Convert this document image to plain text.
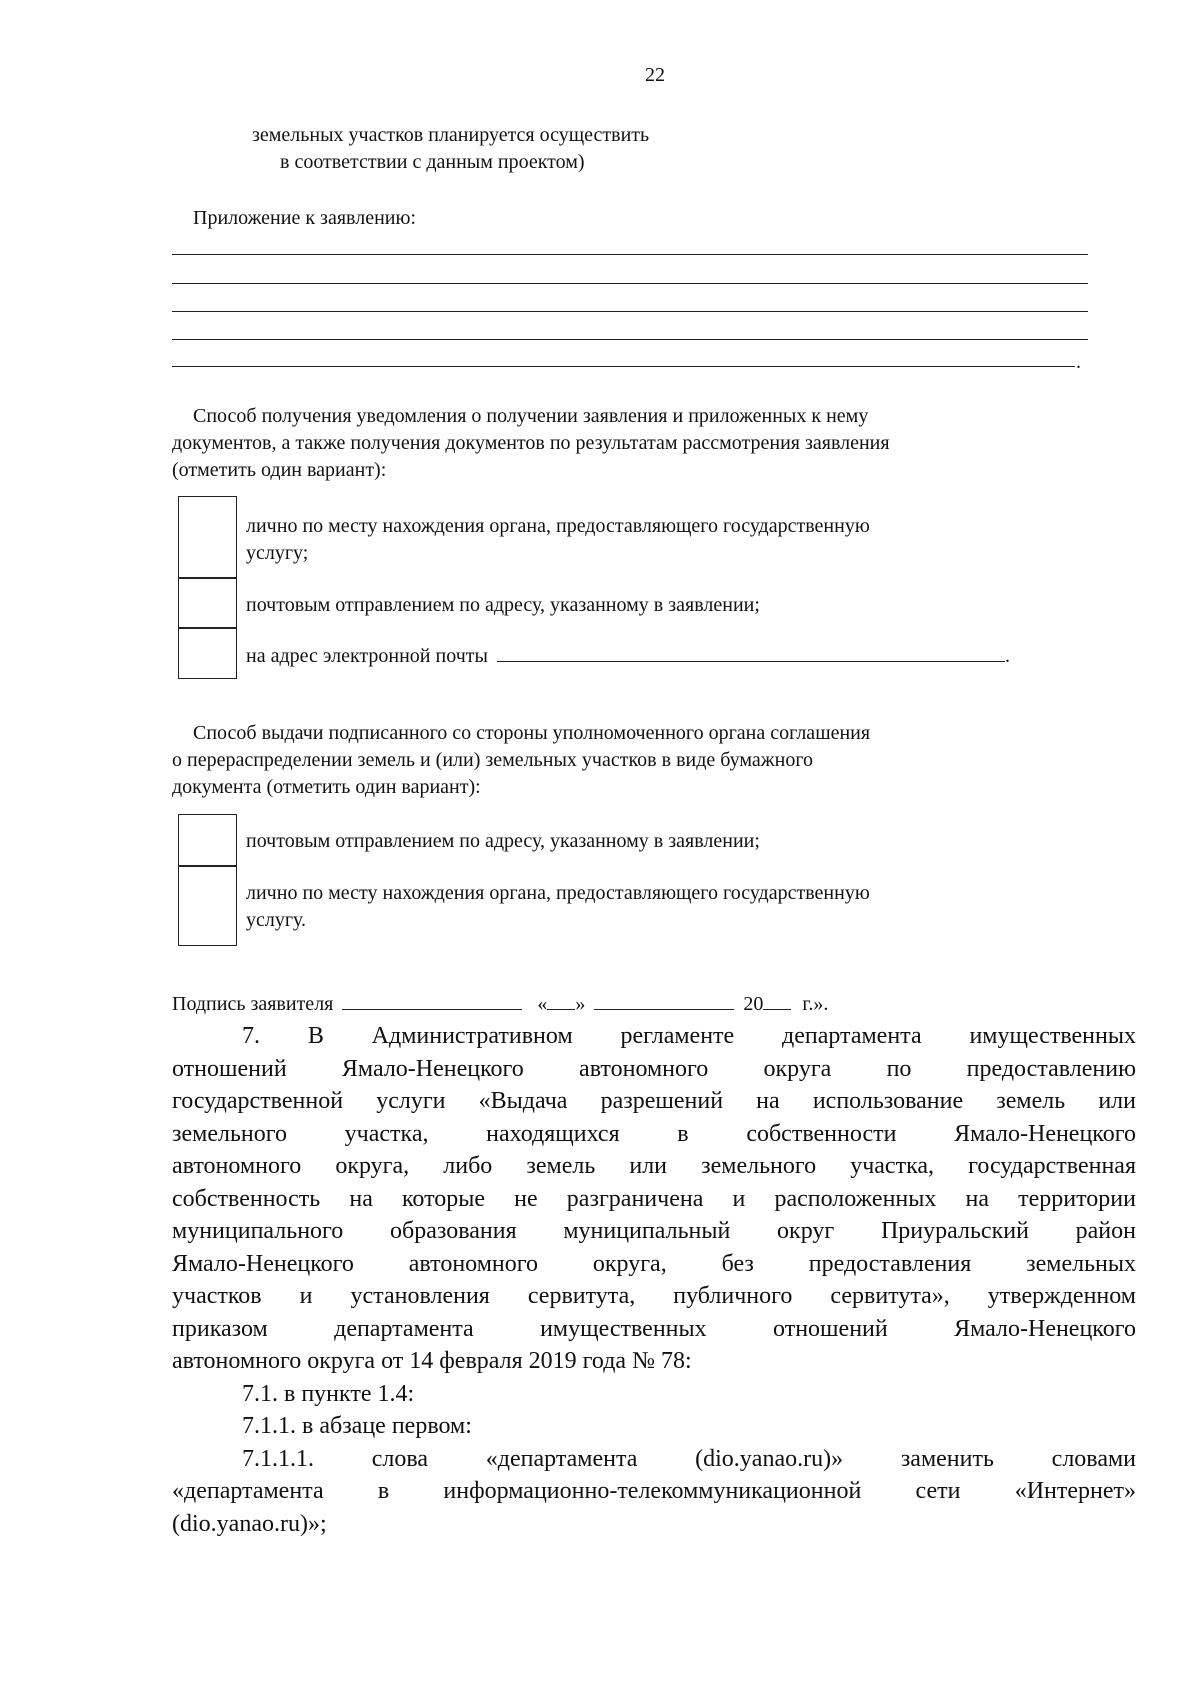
22
земельных участков планируется осуществить
в соответствии с данным проектом)
Приложение к заявлению:
.
Способ получения уведомления о получении заявления и приложенных к нему
документов, а также получения документов по результатам рассмотрения заявления
(отметить один вариант):
лично по месту нахождения органа, предоставляющего государственную
услугу;
почтовым отправлением по адресу, указанному в заявлении;
на адрес электронной почты	.
Способ выдачи подписанного со стороны уполномоченного органа соглашения
о перераспределении земель и (или) земельных участков в виде бумажного
документа (отметить один вариант):
почтовым отправлением по адресу, указанному в заявлении;
лично по месту нахождения органа, предоставляющего государственную
услугу.
Подпись заявителя	« »	20 г.».
7. В Административном регламенте департамента имущественных
отношений Ямало-Ненецкого автономного округа по предоставлению
государственной услуги «Выдача разрешений на использование земель или
земельного участка, находящихся в собственности Ямало-Ненецкого
автономного округа, либо земель или земельного участка, государственная
собственность на которые не разграничена и расположенных на территории
муниципального образования муниципальный округ Приуральский район
Ямало-Ненецкого автономного округа, без предоставления земельных
участков и установления сервитута, публичного сервитута», утвержденном
приказом департамента имущественных отношений Ямало-Ненецкого
автономного округа от 14 февраля 2019 года № 78:
7.1. в пункте 1.4:
7.1.1. в абзаце первом:
7.1.1.1. слова «департамента (dio.yanao.ru)» заменить словами
«департамента в информационно-телекоммуникационной сети «Интернет»
(dio.yanao.ru)»;
